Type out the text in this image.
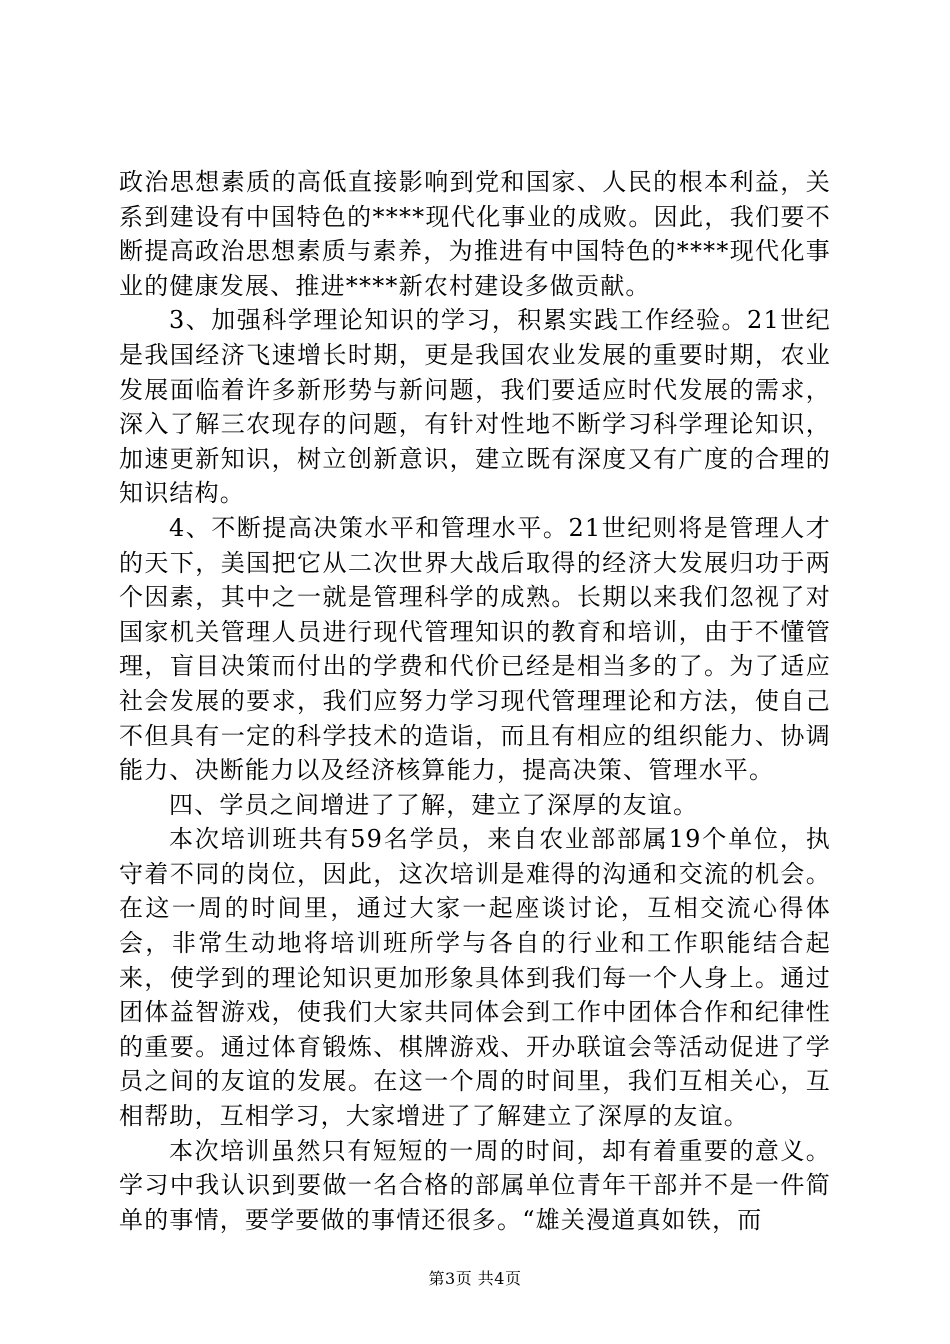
政治思想素质的高低直接影响到党和国家、人民的根本利益，关系到建设有中国特色的****现代化事业的成败。因此，我们要不断提高政治思想素质与素养，为推进有中国特色的****现代化事业的健康发展、推进****新农村建设多做贡献。

3、加强科学理论知识的学习，积累实践工作经验。21世纪是我国经济飞速增长时期，更是我国农业发展的重要时期，农业发展面临着许多新形势与新问题，我们要适应时代发展的需求，深入了解三农现存的问题，有针对性地不断学习科学理论知识，加速更新知识，树立创新意识，建立既有深度又有广度的合理的知识结构。

4、不断提高决策水平和管理水平。21世纪则将是管理人才的天下，美国把它从二次世界大战后取得的经济大发展归功于两个因素，其中之一就是管理科学的成熟。长期以来我们忽视了对国家机关管理人员进行现代管理知识的教育和培训，由于不懂管理，盲目决策而付出的学费和代价已经是相当多的了。为了适应社会发展的要求，我们应努力学习现代管理理论和方法，使自己不但具有一定的科学技术的造诣，而且有相应的组织能力、协调能力、决断能力以及经济核算能力，提高决策、管理水平。

四、学员之间增进了了解，建立了深厚的友谊。

本次培训班共有59名学员，来自农业部部属19个单位，执守着不同的岗位，因此，这次培训是难得的沟通和交流的机会。在这一周的时间里，通过大家一起座谈讨论，互相交流心得体会，非常生动地将培训班所学与各自的行业和工作职能结合起来，使学到的理论知识更加形象具体到我们每一个人身上。通过团体益智游戏，使我们大家共同体会到工作中团体合作和纪律性的重要。通过体育锻炼、棋牌游戏、开办联谊会等活动促进了学员之间的友谊的发展。在这一个周的时间里，我们互相关心，互相帮助，互相学习，大家增进了了解建立了深厚的友谊。

本次培训虽然只有短短的一周的时间，却有着重要的意义。学习中我认识到要做一名合格的部属单位青年干部并不是一件简单的事情，要学要做的事情还很多。“雄关漫道真如铁，而

第3页 共4页
